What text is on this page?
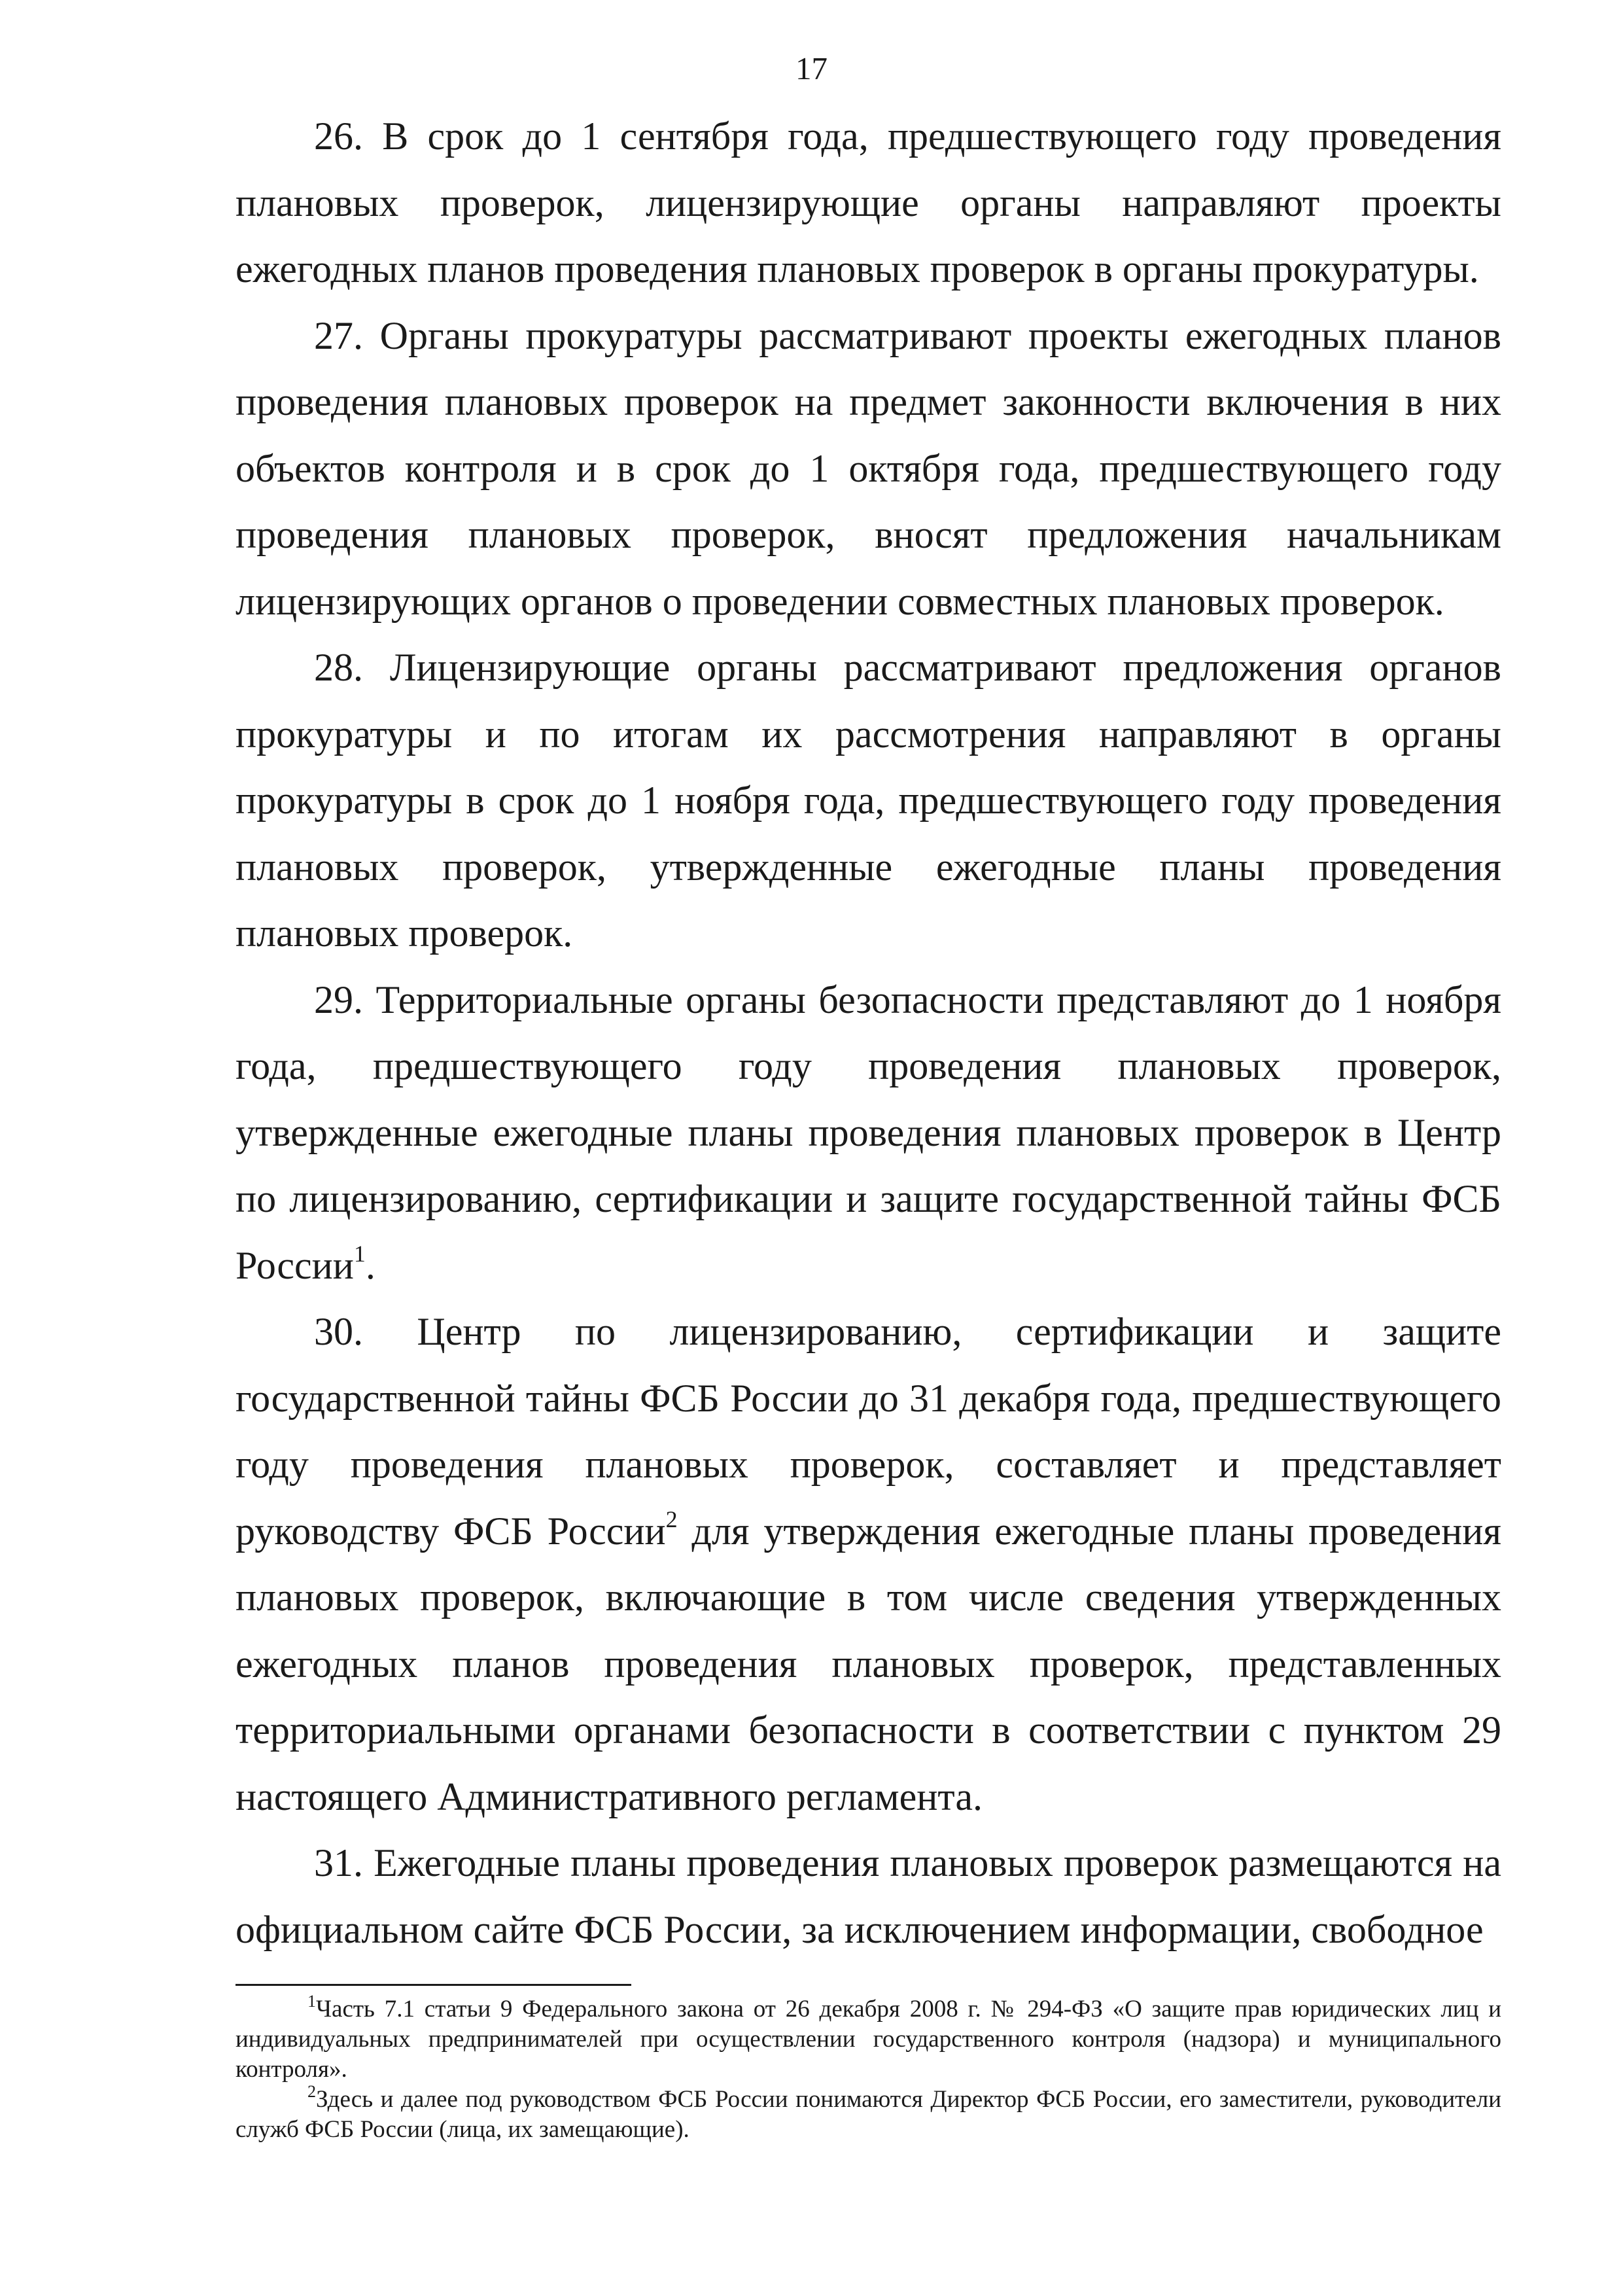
17

26. В срок до 1 сентября года, предшествующего году проведения плановых проверок, лицензирующие органы направляют проекты ежегодных планов проведения плановых проверок в органы прокуратуры.

27. Органы прокуратуры рассматривают проекты ежегодных планов проведения плановых проверок на предмет законности включения в них объектов контроля и в срок до 1 октября года, предшествующего году проведения плановых проверок, вносят предложения начальникам лицензирующих органов о проведении совместных плановых проверок.

28. Лицензирующие органы рассматривают предложения органов прокуратуры и по итогам их рассмотрения направляют в органы прокуратуры в срок до 1 ноября года, предшествующего году проведения плановых проверок, утвержденные ежегодные планы проведения плановых проверок.

29. Территориальные органы безопасности представляют до 1 ноября года, предшествующего году проведения плановых проверок, утвержденные ежегодные планы проведения плановых проверок в Центр по лицензированию, сертификации и защите государственной тайны ФСБ России$^1$.

30. Центр по лицензированию, сертификации и защите государственной тайны ФСБ России до 31 декабря года, предшествующего году проведения плановых проверок, составляет и представляет руководству ФСБ России$^2$ для утверждения ежегодные планы проведения плановых проверок, включающие в том числе сведения утвержденных ежегодных планов проведения плановых проверок, представленных территориальными органами безопасности в соответствии с пунктом 29 настоящего Административного регламента.

31. Ежегодные планы проведения плановых проверок размещаются на официальном сайте ФСБ России, за исключением информации, свободное

$^1$Часть 7.1 статьи 9 Федерального закона от 26 декабря 2008 г. № 294-ФЗ «О защите прав юридических лиц и индивидуальных предпринимателей при осуществлении государственного контроля (надзора) и муниципального контроля».

$^2$Здесь и далее под руководством ФСБ России понимаются Директор ФСБ России, его заместители, руководители служб ФСБ России (лица, их замещающие).
